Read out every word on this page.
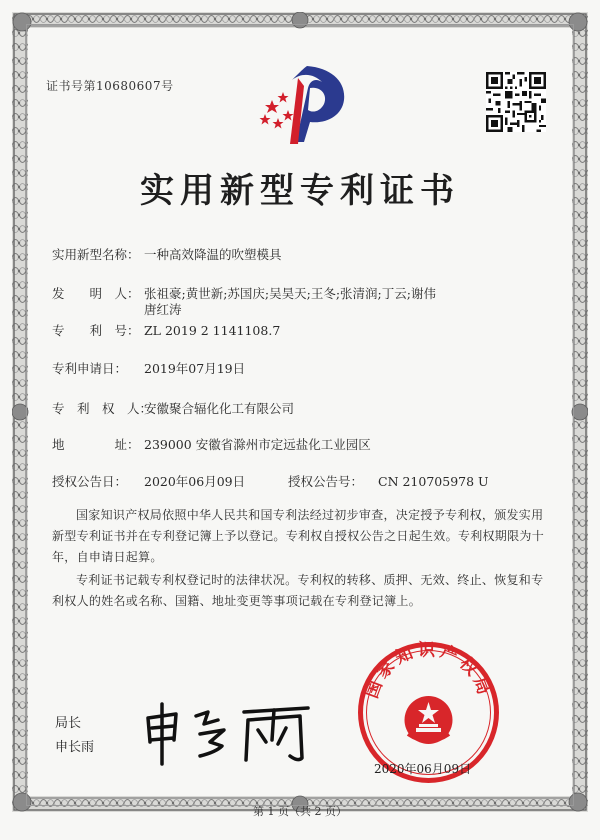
证书号第10680607号
实用新型专利证书
实用新型名称： 一种高效降温的吹塑模具
发　　明　人： 张祖豪;黄世新;苏国庆;吴昊天;王冬;张清润;丁云;谢伟
唐红涛
专　　利　号： ZL 2019 2 1141108.7
专利申请日： 2019年07月19日
专　利　权　人：
安徽聚合辐化化工有限公司
地　　　　址： 239000 安徽省滁州市定远盐化工业园区
授权公告日： 2020年06月09日	授权公告号： CN 210705978 U
国家知识产权局依照中华人民共和国专利法经过初步审查，决定授予专利权，颁发实用新型专利证书并在专利登记簿上予以登记。专利权自授权公告之日起生效。专利权期限为十年，自申请日起算。
专利证书记载专利权登记时的法律状况。专利权的转移、质押、无效、终止、恢复和专利权人的姓名或名称、国籍、地址变更等事项记载在专利登记簿上。
国家知识产权局
2020年06月09日
局长
申长雨
第 1 页（共 2 页）
